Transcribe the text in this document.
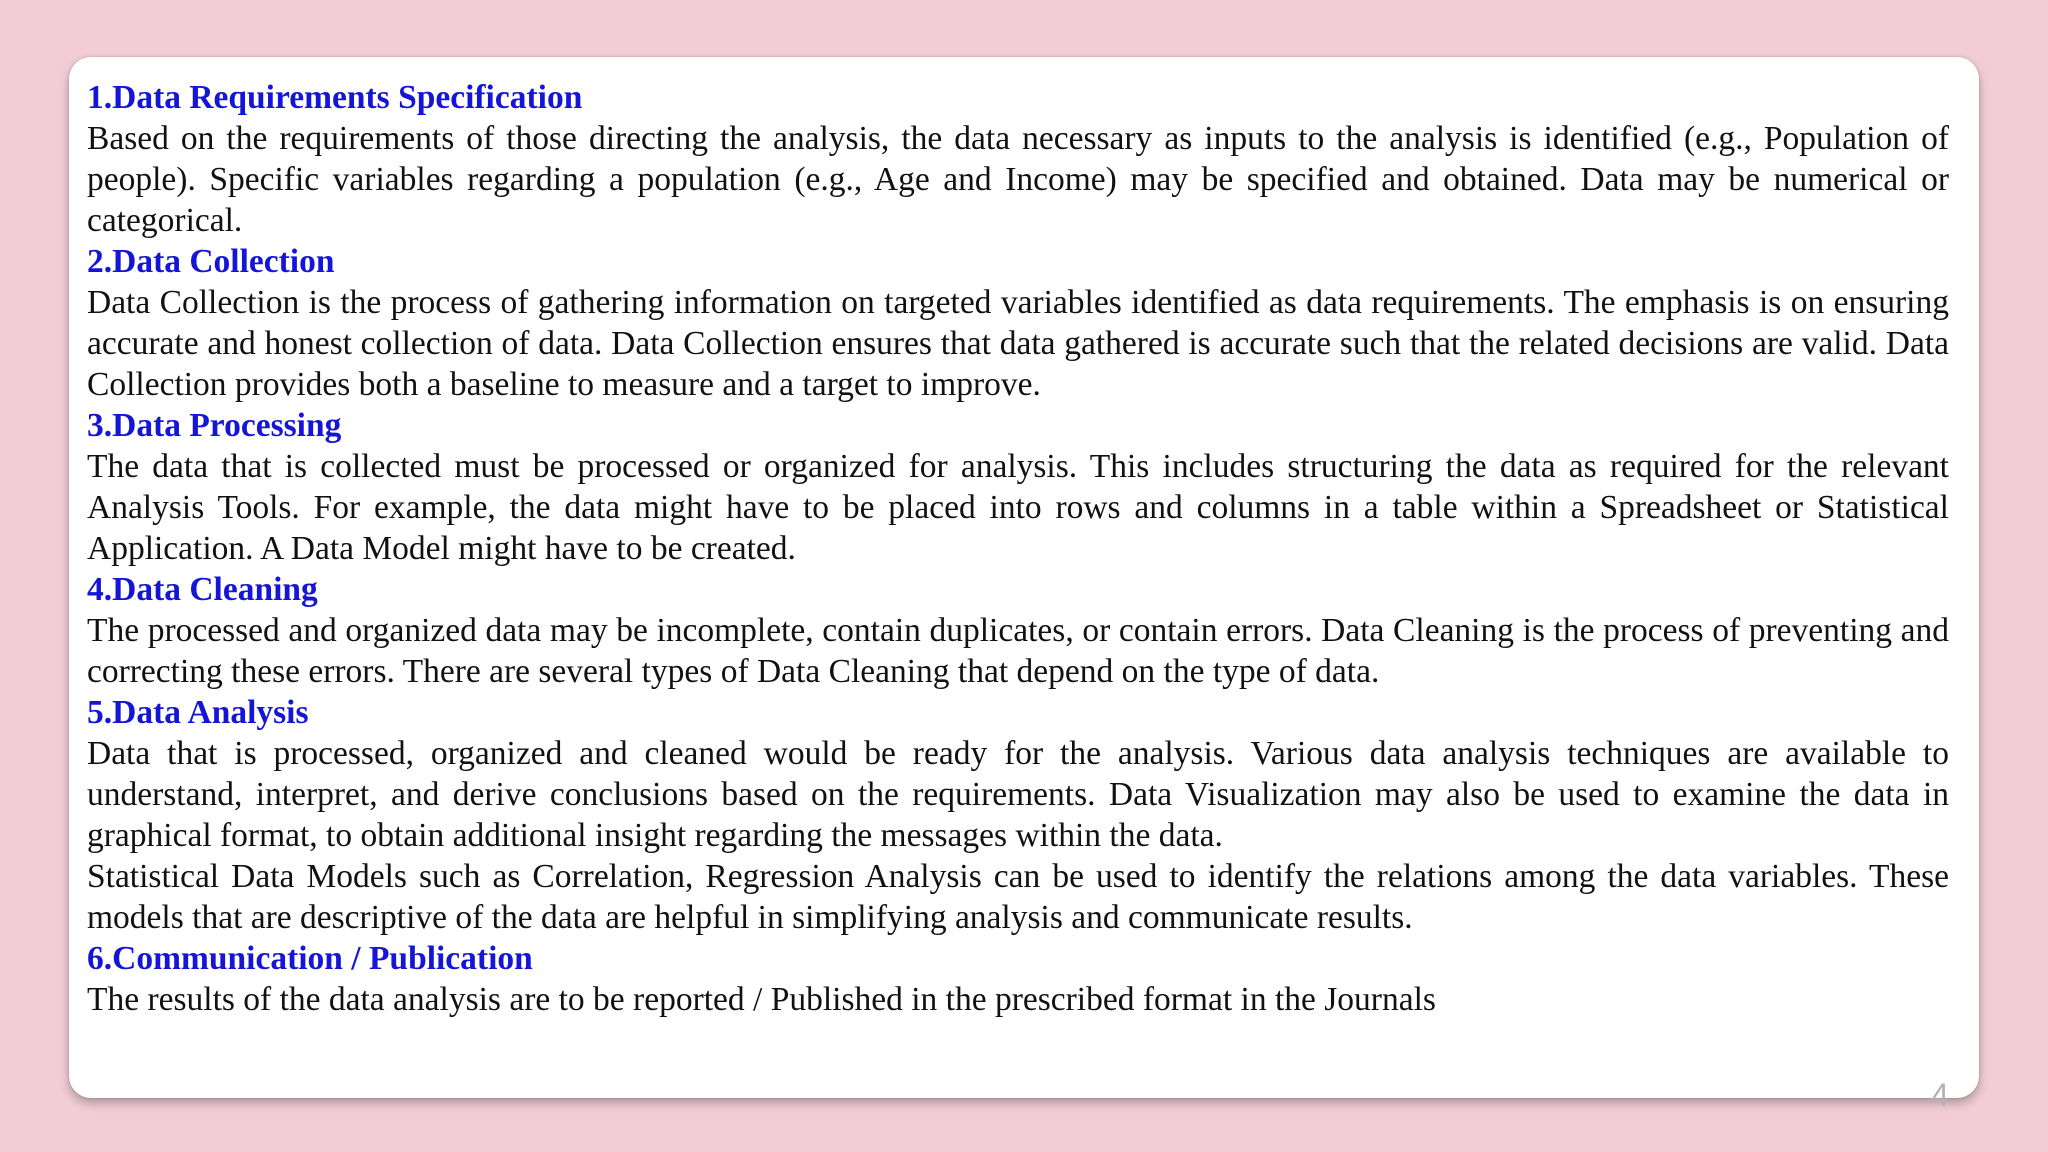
1.Data Requirements Specification

Based on the requirements of those directing the analysis, the data necessary as inputs to the analysis is identified (e.g., Population of people). Specific variables regarding a population (e.g., Age and Income) may be specified and obtained. Data may be numerical or categorical.

2.Data Collection

Data Collection is the process of gathering information on targeted variables identified as data requirements. The emphasis is on ensuring accurate and honest collection of data. Data Collection ensures that data gathered is accurate such that the related decisions are valid. Data Collection provides both a baseline to measure and a target to improve.

3.Data Processing

The data that is collected must be processed or organized for analysis. This includes structuring the data as required for the relevant Analysis Tools. For example, the data might have to be placed into rows and columns in a table within a Spreadsheet or Statistical Application. A Data Model might have to be created.

4.Data Cleaning

The processed and organized data may be incomplete, contain duplicates, or contain errors. Data Cleaning is the process of preventing and correcting these errors. There are several types of Data Cleaning that depend on the type of data.

5.Data Analysis

Data that is processed, organized and cleaned would be ready for the analysis. Various data analysis techniques are available to understand, interpret, and derive conclusions based on the requirements. Data Visualization may also be used to examine the data in graphical format, to obtain additional insight regarding the messages within the data.

Statistical Data Models such as Correlation, Regression Analysis can be used to identify the relations among the data variables. These models that are descriptive of the data are helpful in simplifying analysis and communicate results.

6.Communication / Publication

The results of the data analysis are to be reported / Published in the prescribed format in the Journals

4
